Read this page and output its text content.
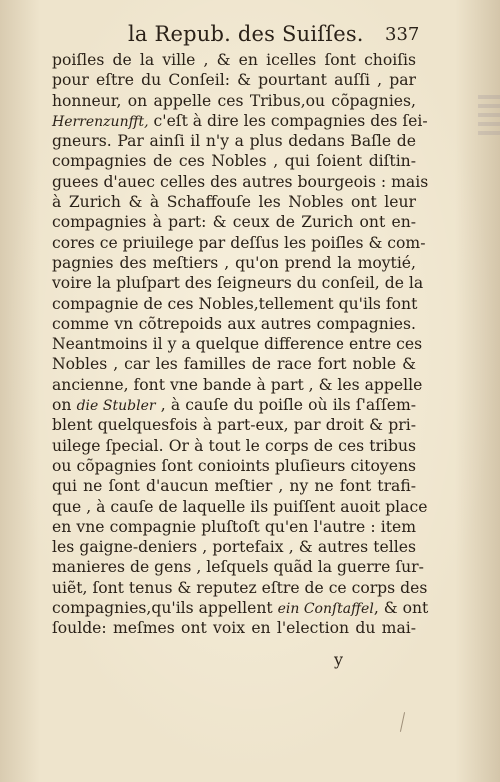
la Repub. des Suiſſes. 337
poiſles de la ville , & en icelles ſont choiſis
pour eſtre du Conſeil: & pourtant auſſi , par
honneur, on appelle ces Tribus,ou cõpagnies,
Herrenzunfft, c'eſt à dire les compagnies des ſei-
gneurs. Par ainſi il n'y a plus dedans Baſle de
compagnies de ces Nobles , qui ſoient diſtin-
guees d'auec celles des autres bourgeois : mais
à Zurich & à Schaffouſe les Nobles ont leur
compagnies à part: & ceux de Zurich ont en-
cores ce priuilege par deſſus les poiſles & com-
pagnies des meſtiers , qu'on prend la moytié,
voire la pluſpart des ſeigneurs du conſeil, de la
compagnie de ces Nobles,tellement qu'ils font
comme vn cõtrepoids aux autres compagnies.
Neantmoins il y a quelque difference entre ces
Nobles , car les familles de race fort noble &
ancienne, font vne bande à part , & les appelle
on die Stubler , à cauſe du poiſle où ils ſ'aſſem-
blent quelquesfois à part-eux, par droit & pri-
uilege ſpecial. Or à tout le corps de ces tribus
ou cõpagnies ſont conioints pluſieurs citoyens
qui ne ſont d'aucun meſtier , ny ne font trafi-
que , à cauſe de laquelle ils puiſſent auoit place
en vne compagnie pluſtoſt qu'en l'autre : item
les gaigne-deniers , portefaix , & autres telles
manieres de gens , leſquels quãd la guerre ſur-
uiẽt, ſont tenus & reputez eſtre de ce corps des
compagnies,qu'ils appellent ein Conſtaffel, & ont
ſoulde: meſmes ont voix en l'election du mai-
y
